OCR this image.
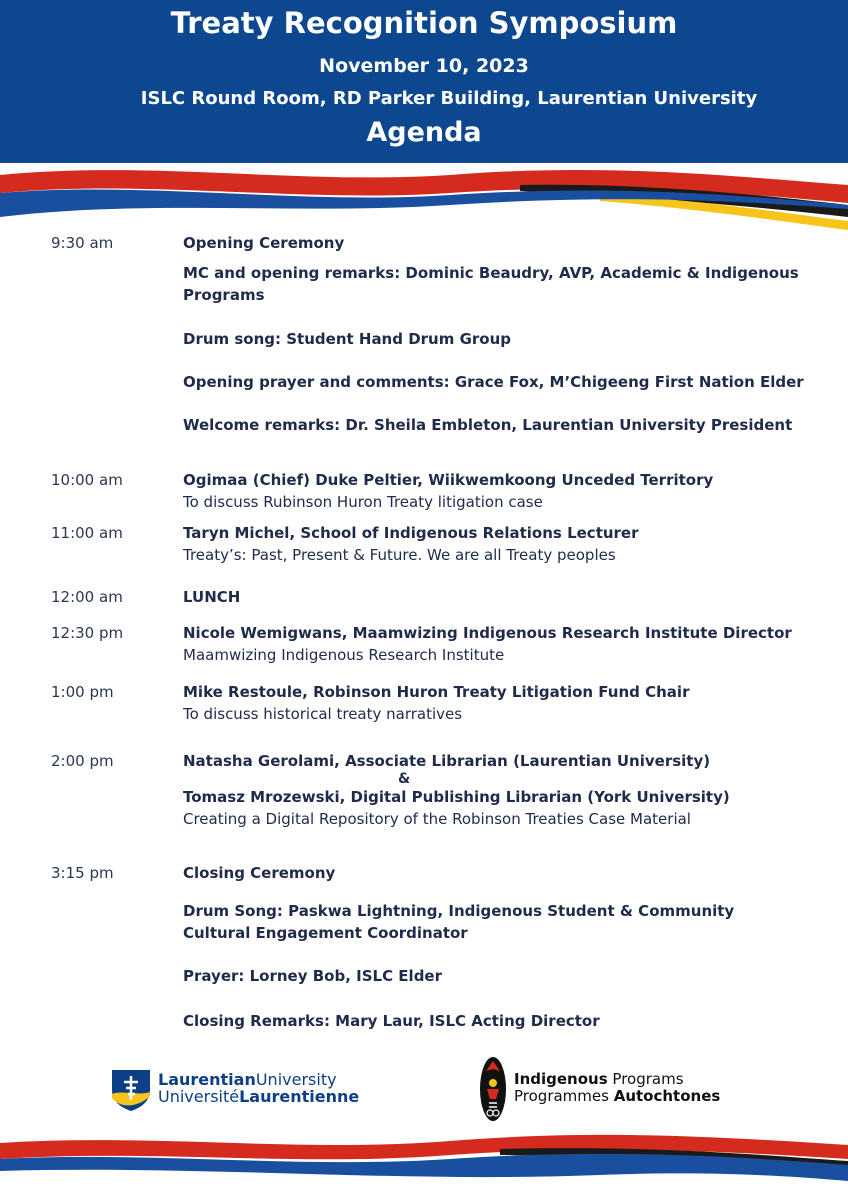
Treaty Recognition Symposium
November 10, 2023
ISLC Round Room, RD Parker Building, Laurentian University
Agenda
9:30 am	Opening Ceremony
MC and opening remarks: Dominic Beaudry, AVP, Academic & Indigenous
Programs
Drum song: Student Hand Drum Group
Opening prayer and comments: Grace Fox, M’Chigeeng First Nation Elder
Welcome remarks: Dr. Sheila Embleton, Laurentian University President
10:00 am	Ogimaa (Chief) Duke Peltier, Wiikwemkoong Unceded Territory
To discuss Rubinson Huron Treaty litigation case
11:00 am	Taryn Michel, School of Indigenous Relations Lecturer
Treaty’s: Past, Present & Future. We are all Treaty peoples
12:00 am	LUNCH
12:30 pm	Nicole Wemigwans, Maamwizing Indigenous Research Institute Director
Maamwizing Indigenous Research Institute
1:00 pm	Mike Restoule, Robinson Huron Treaty Litigation Fund Chair
To discuss historical treaty narratives
2:00 pm	Natasha Gerolami, Associate Librarian (Laurentian University)
&
Tomasz Mrozewski, Digital Publishing Librarian (York University)
Creating a Digital Repository of the Robinson Treaties Case Material
3:15 pm	Closing Ceremony
Drum Song: Paskwa Lightning, Indigenous Student & Community
Cultural Engagement Coordinator
Prayer: Lorney Bob, ISLC Elder
Closing Remarks: Mary Laur, ISLC Acting Director
LaurentianUniversity
UniversitéLaurentienne
Indigenous Programs
Programmes Autochtones
